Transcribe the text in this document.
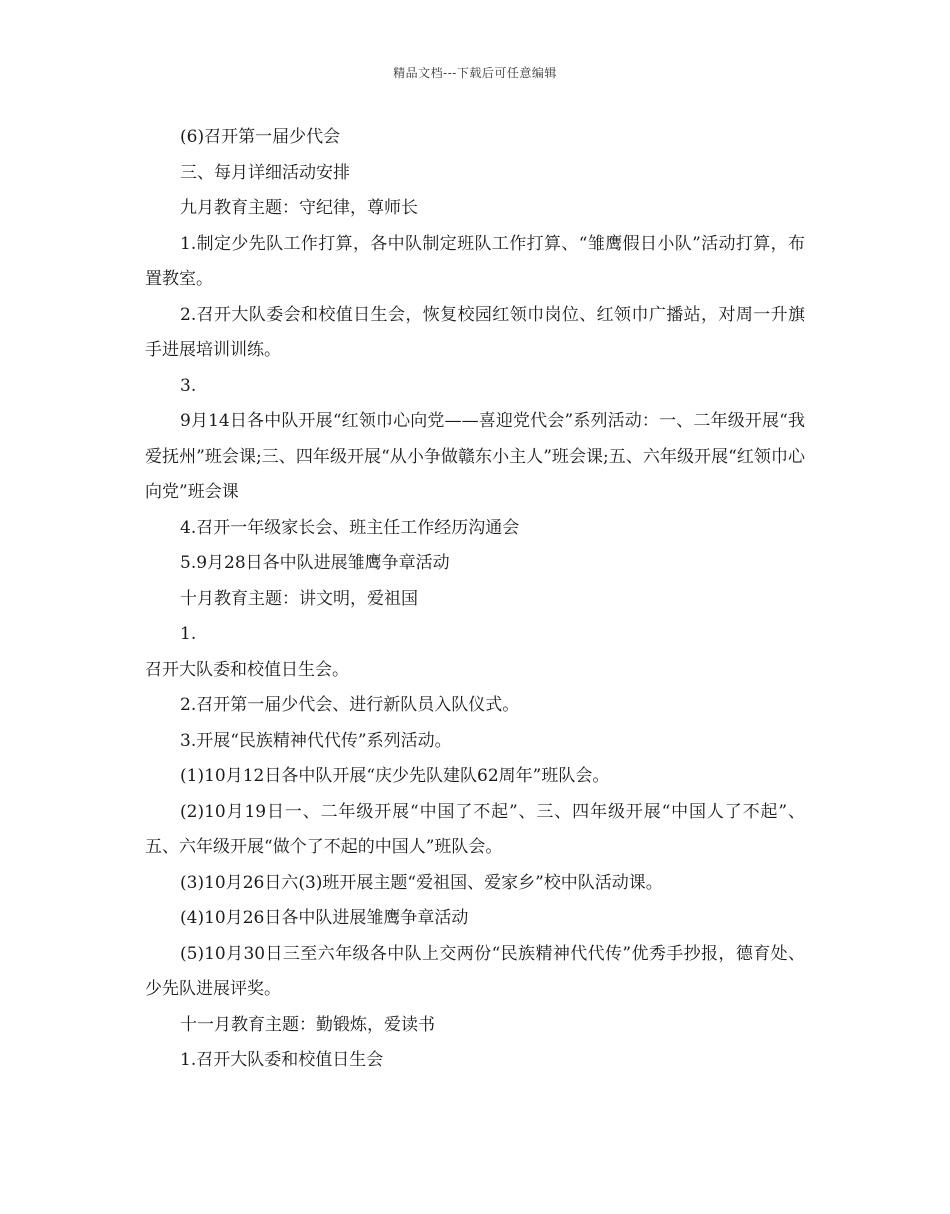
精品文档---下载后可任意编辑

(6)召开第一届少代会

三、每月详细活动安排

九月教育主题：守纪律，尊师长

1.制定少先队工作打算，各中队制定班队工作打算、“雏鹰假日小队”活动打算，布置教室。

2.召开大队委会和校值日生会，恢复校园红领巾岗位、红领巾广播站，对周一升旗手进展培训训练。

3.

9月14日各中队开展“红领巾心向党——喜迎党代会”系列活动：一、二年级开展“我爱抚州”班会课;三、四年级开展“从小争做赣东小主人”班会课;五、六年级开展“红领巾心向党”班会课

4.召开一年级家长会、班主任工作经历沟通会

5.9月28日各中队进展雏鹰争章活动

十月教育主题：讲文明，爱祖国

1.

召开大队委和校值日生会。

2.召开第一届少代会、进行新队员入队仪式。

3.开展“民族精神代代传”系列活动。

(1)10月12日各中队开展“庆少先队建队62周年”班队会。

(2)10月19日一、二年级开展“中国了不起”、三、四年级开展“中国人了不起”、五、六年级开展“做个了不起的中国人”班队会。

(3)10月26日六(3)班开展主题“爱祖国、爱家乡”校中队活动课。

(4)10月26日各中队进展雏鹰争章活动

(5)10月30日三至六年级各中队上交两份“民族精神代代传”优秀手抄报，德育处、少先队进展评奖。

十一月教育主题：勤锻炼，爱读书

1.召开大队委和校值日生会
